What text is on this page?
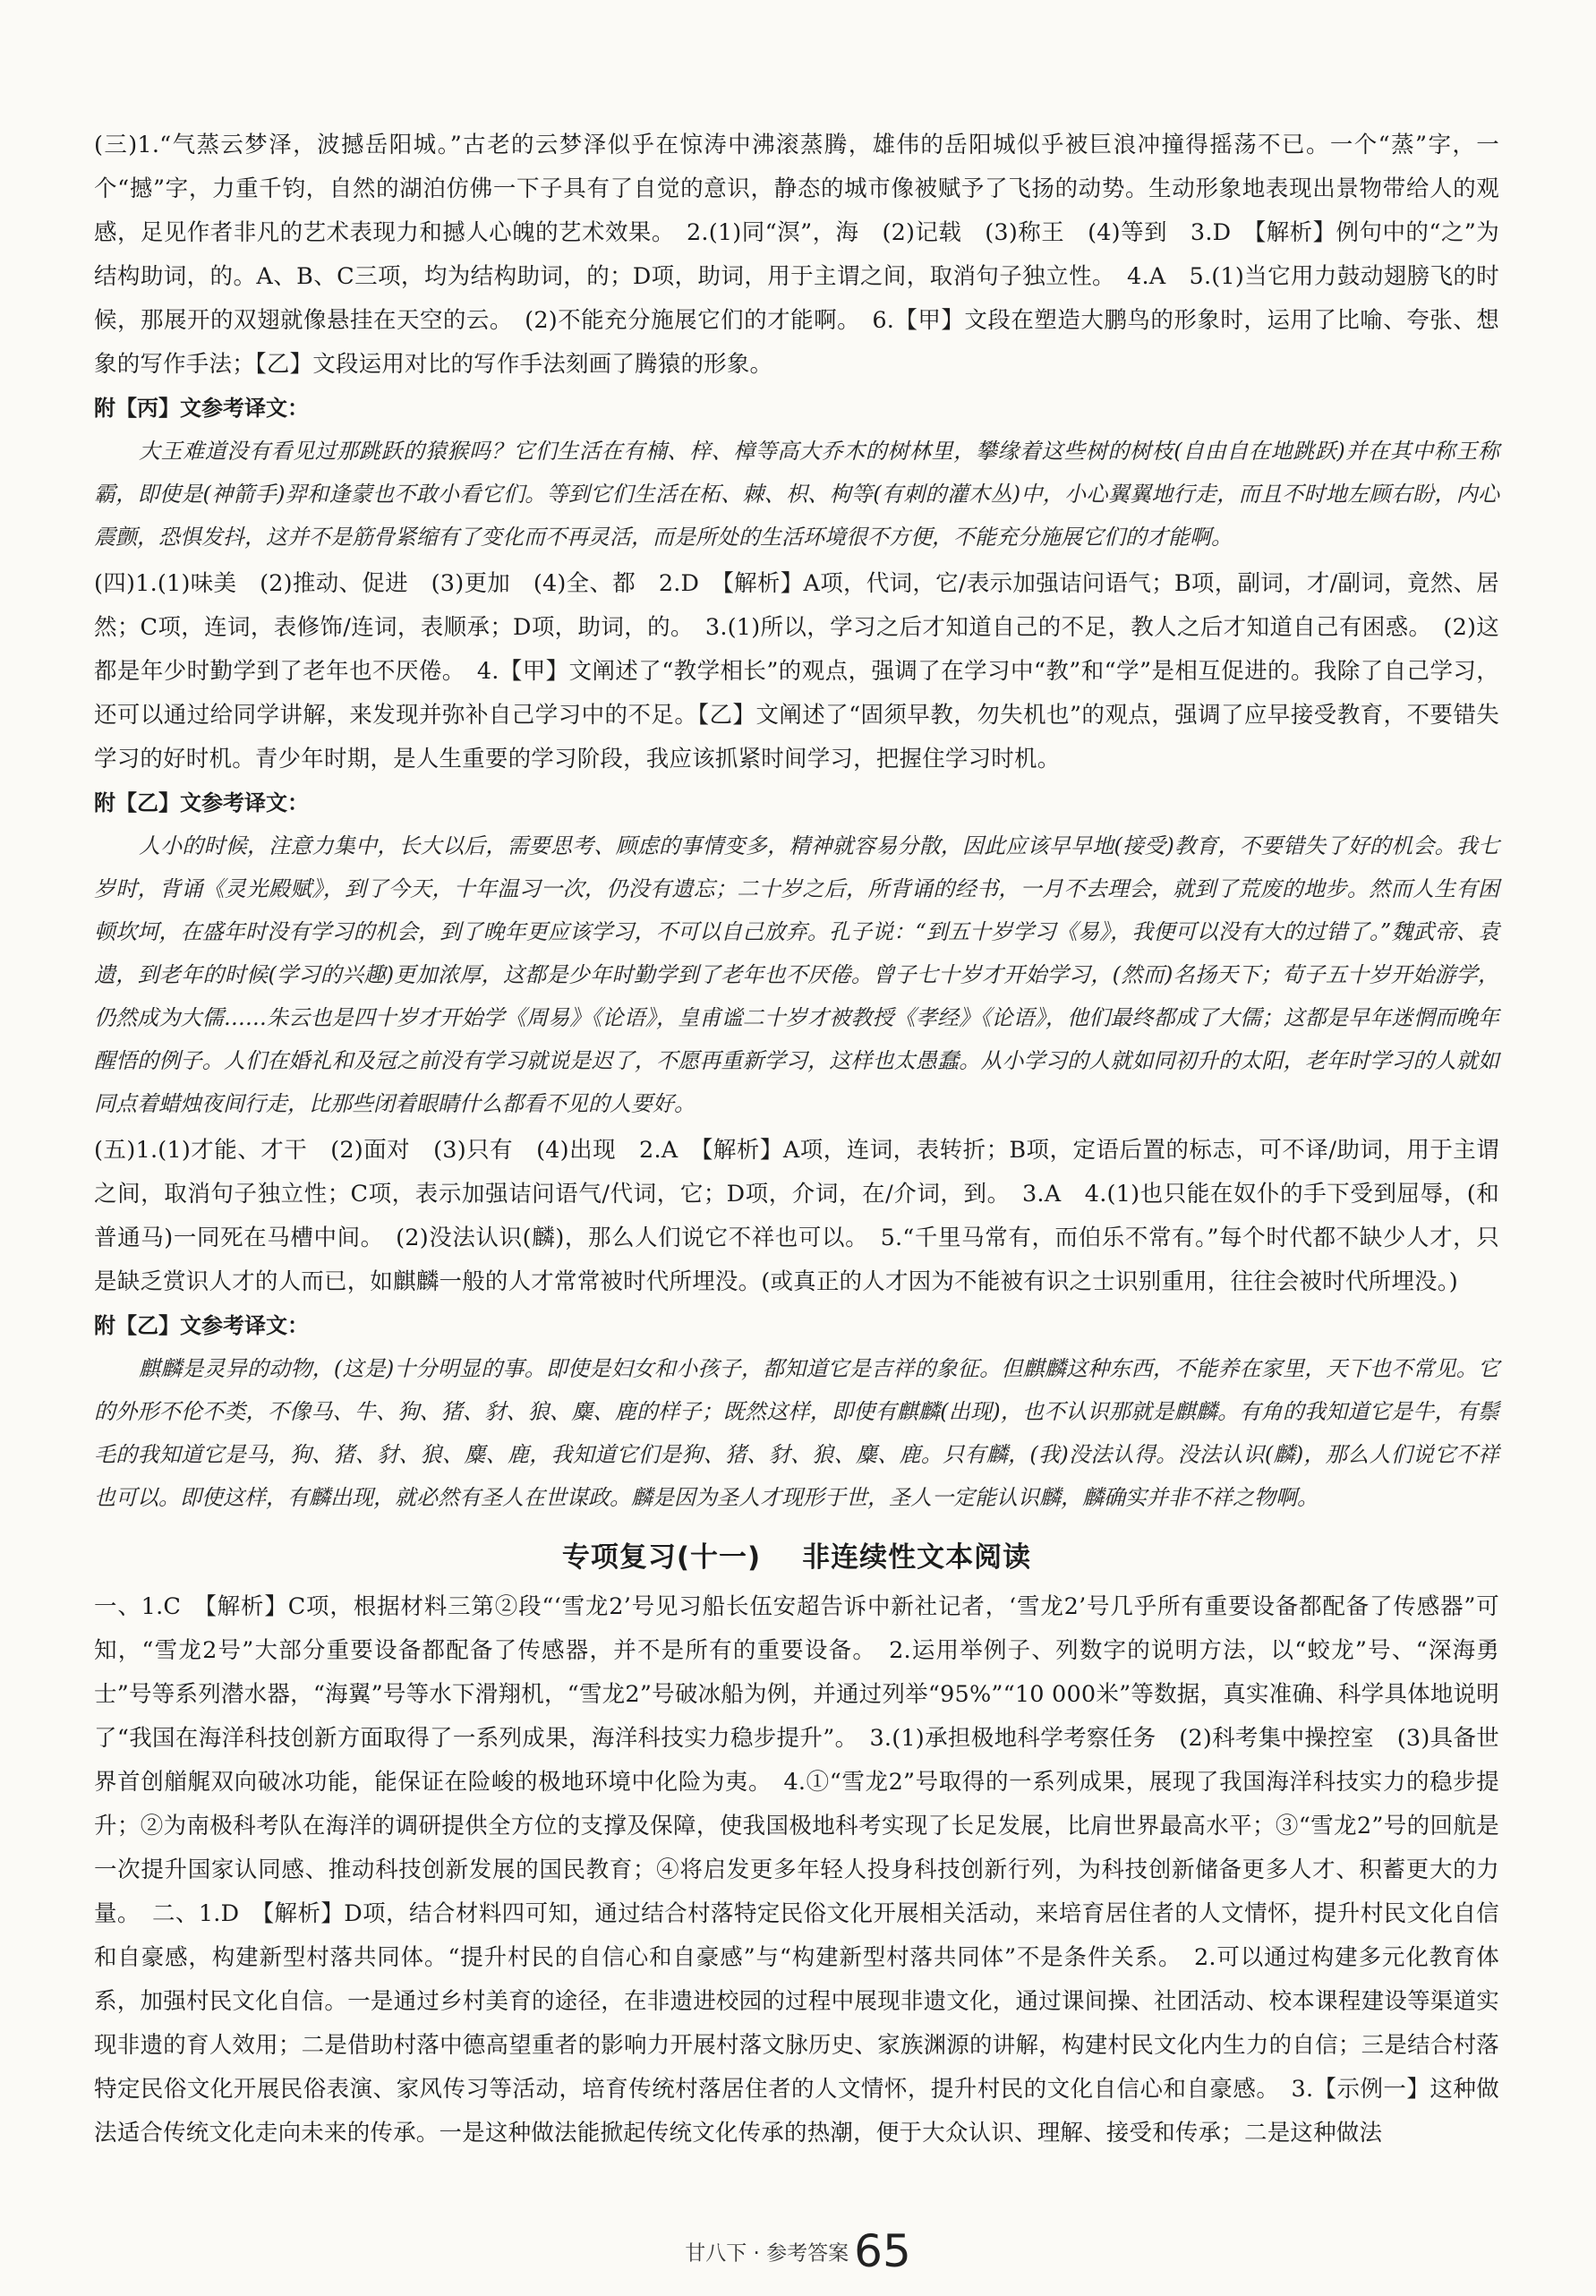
(三)1.“气蒸云梦泽，波撼岳阳城。”古老的云梦泽似乎在惊涛中沸滚蒸腾，雄伟的岳阳城似乎被巨浪冲撞得摇荡不已。一个“蒸”字，一个“撼”字，力重千钧，自然的湖泊仿佛一下子具有了自觉的意识，静态的城市像被赋予了飞扬的动势。生动形象地表现出景物带给人的观感，足见作者非凡的艺术表现力和撼人心魄的艺术效果。　2.(1)同“溟”，海　(2)记载　(3)称王　(4)等到　3.D　【解析】例句中的“之”为结构助词，的。A、B、C三项，均为结构助词，的；D项，助词，用于主谓之间，取消句子独立性。　4.A　5.(1)当它用力鼓动翅膀飞的时候，那展开的双翅就像悬挂在天空的云。　(2)不能充分施展它们的才能啊。　6.【甲】文段在塑造大鹏鸟的形象时，运用了比喻、夸张、想象的写作手法；【乙】文段运用对比的写作手法刻画了腾猿的形象。

附【丙】文参考译文：

大王难道没有看见过那跳跃的猿猴吗？它们生活在有楠、梓、樟等高大乔木的树林里，攀缘着这些树的树枝(自由自在地跳跃)并在其中称王称霸，即使是(神箭手)羿和逢蒙也不敢小看它们。等到它们生活在柘、棘、枳、枸等(有刺的灌木丛)中，小心翼翼地行走，而且不时地左顾右盼，内心震颤，恐惧发抖，这并不是筋骨紧缩有了变化而不再灵活，而是所处的生活环境很不方便，不能充分施展它们的才能啊。

(四)1.(1)味美　(2)推动、促进　(3)更加　(4)全、都　2.D　【解析】A项，代词，它/表示加强诘问语气；B项，副词，才/副词，竟然、居然；C项，连词，表修饰/连词，表顺承；D项，助词，的。　3.(1)所以，学习之后才知道自己的不足，教人之后才知道自己有困惑。　(2)这都是年少时勤学到了老年也不厌倦。　4.【甲】文阐述了“教学相长”的观点，强调了在学习中“教”和“学”是相互促进的。我除了自己学习，还可以通过给同学讲解，来发现并弥补自己学习中的不足。【乙】文阐述了“固须早教，勿失机也”的观点，强调了应早接受教育，不要错失学习的好时机。青少年时期，是人生重要的学习阶段，我应该抓紧时间学习，把握住学习时机。

附【乙】文参考译文：

人小的时候，注意力集中，长大以后，需要思考、顾虑的事情变多，精神就容易分散，因此应该早早地(接受)教育，不要错失了好的机会。我七岁时，背诵《灵光殿赋》，到了今天，十年温习一次，仍没有遗忘；二十岁之后，所背诵的经书，一月不去理会，就到了荒废的地步。然而人生有困顿坎坷，在盛年时没有学习的机会，到了晚年更应该学习，不可以自己放弃。孔子说：“到五十岁学习《易》，我便可以没有大的过错了。”魏武帝、袁遗，到老年的时候(学习的兴趣)更加浓厚，这都是少年时勤学到了老年也不厌倦。曾子七十岁才开始学习，(然而)名扬天下；荀子五十岁开始游学，仍然成为大儒……朱云也是四十岁才开始学《周易》《论语》，皇甫谧二十岁才被教授《孝经》《论语》，他们最终都成了大儒；这都是早年迷惘而晚年醒悟的例子。人们在婚礼和及冠之前没有学习就说是迟了，不愿再重新学习，这样也太愚蠢。从小学习的人就如同初升的太阳，老年时学习的人就如同点着蜡烛夜间行走，比那些闭着眼睛什么都看不见的人要好。

(五)1.(1)才能、才干　(2)面对　(3)只有　(4)出现　2.A　【解析】A项，连词，表转折；B项，定语后置的标志，可不译/助词，用于主谓之间，取消句子独立性；C项，表示加强诘问语气/代词，它；D项，介词，在/介词，到。　3.A　4.(1)也只能在奴仆的手下受到屈辱，(和普通马)一同死在马槽中间。　(2)没法认识(麟)，那么人们说它不祥也可以。　5.“千里马常有，而伯乐不常有。”每个时代都不缺少人才，只是缺乏赏识人才的人而已，如麒麟一般的人才常常被时代所埋没。(或真正的人才因为不能被有识之士识别重用，往往会被时代所埋没。)

附【乙】文参考译文：

麒麟是灵异的动物，(这是)十分明显的事。即使是妇女和小孩子，都知道它是吉祥的象征。但麒麟这种东西，不能养在家里，天下也不常见。它的外形不伦不类，不像马、牛、狗、猪、豺、狼、麋、鹿的样子；既然这样，即使有麒麟(出现)，也不认识那就是麒麟。有角的我知道它是牛，有鬃毛的我知道它是马，狗、猪、豺、狼、麋、鹿，我知道它们是狗、猪、豺、狼、麋、鹿。只有麟，(我)没法认得。没法认识(麟)，那么人们说它不祥也可以。即使这样，有麟出现，就必然有圣人在世谋政。麟是因为圣人才现形于世，圣人一定能认识麟，麟确实并非不祥之物啊。

专项复习(十一) 非连续性文本阅读

一、1.C　【解析】C项，根据材料三第②段“‘雪龙2’号见习船长伍安超告诉中新社记者，‘雪龙2’号几乎所有重要设备都配备了传感器”可知，“雪龙2号”大部分重要设备都配备了传感器，并不是所有的重要设备。　2.运用举例子、列数字的说明方法，以“蛟龙”号、“深海勇士”号等系列潜水器，“海翼”号等水下滑翔机，“雪龙2”号破冰船为例，并通过列举“95%”“10 000米”等数据，真实准确、科学具体地说明了“我国在海洋科技创新方面取得了一系列成果，海洋科技实力稳步提升”。　3.(1)承担极地科学考察任务　(2)科考集中操控室　(3)具备世界首创艏艉双向破冰功能，能保证在险峻的极地环境中化险为夷。　4.①“雪龙2”号取得的一系列成果，展现了我国海洋科技实力的稳步提升；②为南极科考队在海洋的调研提供全方位的支撑及保障，使我国极地科考实现了长足发展，比肩世界最高水平；③“雪龙2”号的回航是一次提升国家认同感、推动科技创新发展的国民教育；④将启发更多年轻人投身科技创新行列，为科技创新储备更多人才、积蓄更大的力量。　二、1.D　【解析】D项，结合材料四可知，通过结合村落特定民俗文化开展相关活动，来培育居住者的人文情怀，提升村民文化自信和自豪感，构建新型村落共同体。“提升村民的自信心和自豪感”与“构建新型村落共同体”不是条件关系。　2.可以通过构建多元化教育体系，加强村民文化自信。一是通过乡村美育的途径，在非遗进校园的过程中展现非遗文化，通过课间操、社团活动、校本课程建设等渠道实现非遗的育人效用；二是借助村落中德高望重者的影响力开展村落文脉历史、家族渊源的讲解，构建村民文化内生力的自信；三是结合村落特定民俗文化开展民俗表演、家风传习等活动，培育传统村落居住者的人文情怀，提升村民的文化自信心和自豪感。　3.【示例一】这种做法适合传统文化走向未来的传承。一是这种做法能掀起传统文化传承的热潮，便于大众认识、理解、接受和传承；二是这种做法

甘八下 · 参考答案 65
